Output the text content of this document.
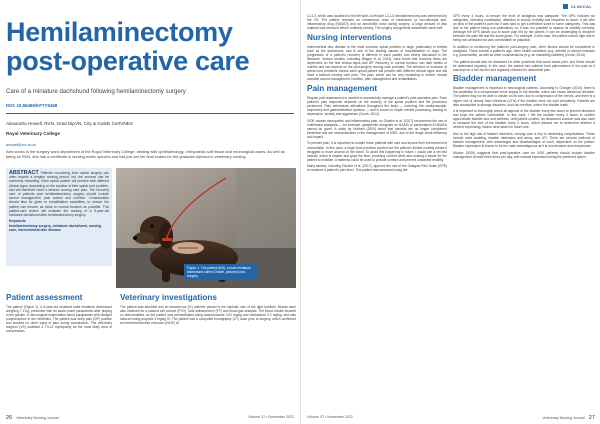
Hemilaminectomy post-operative care

Care of a miniature dachshund following hemilaminectomy surgery

DOI: 10.56496/KFTY5458

Alexandra Howell, RVN, Grad DipVN, City & Guilds CertVNES

Royal Veterinary College

ahowell@rvc.ac.uk

Alex works in the surgery ward department of the Royal Veterinary College, dealing with ophthalmology, orthopaedic soft tissue and neurological cases. As well as being an RVN, she has a certificate in nursing exotic species and has just set her final exams for the graduate diploma in veterinary nursing.

ABSTRACT Patients recovering from spinal surgery can often require a lengthy nursing period, but the process can be extremely rewarding. Each spinal patient will present with different clinical signs, depending on the location of their spinal cord problem, and will therefore need a tailored nursing care plan. The recovery care of patients post hemilaminectomy surgery should include wound management, pain control and nutrition. Consideration should also be given to rehabilitation modalities, to ensure the patient can recover as close to normal function as possible. This patient-care review will evaluate the nursing of a 5-year-old miniature dachshund after hemilaminectomy surgery.
Keywords
hemilaminectomy surgery, miniature dachshund, nursing care, intervertebral disc disease
Figure 1. The patient (left), a male miniature dachshund called Charlie, pictured post-surgery
Patient assessment

The patient (Figure 1), a 5-year-old neutered male miniature dachshund weighing 7.2 kg, presented with an acute-onset paraparesis after playing in the garden. A neurological examination found paraparesis with delayed proprioception in the hindlimbs. The patient was deep pain (DP) positive and showed no other signs of pain during examination. The veterinary surgeon (VS) localised a T3-L3 myelopathy as the most likely area of compression.

Veterinary investigations

The patient was admitted and an intravenous (IV) catheter placed in the cephalic vein of the right forelimb. Bloods were also obtained for a packed cell volume (PCV), total solids/protein (TP) and blood gas analysis. The blood results showed no abnormalities, so the patient was premedicated using acepromazine 0.02 mg/kg and methadone 0.2 mg/kg, and was induced using propofol 4 mg/kg IV. The patient had a computed tomography (CT) scan prior to surgery, which confirmed an intervertebral disc extrusion (IVDE) at

26 Veterinary Nursing Journal	Volume 37 • November 2022
CLINICAL

L2–L3, which was localised to the left side. A left-side L2–L3 hemilaminectomy was performed by the VS. The patient received an intravenous dose of meloxicam (a non-steroidal anti-inflammatory drug (NSAID)) and an amoxicillin dose during surgery. A large amount of disc material was removed before routinely closing. The surgery and general anaesthetic went well.

Nursing interventions

Intervertebral disc disease is the most common spinal problem in dogs, particularly in breeds such as the dachshund, and is one of the leading causes of hospitalisation in dogs. The progression of a patient's recovery is different in each patient and widely discussed in the literature. Various studies, including (Bagon et al, 2014), have found that recovery times are dependent on the first clinical signs and DP. Recovery to normal function can take weeks to months and can depend on the post-surgery nursing care provided. The selection or inclusion of spinal cord problems means each spinal patient will present with different clinical signs and will need a tailored nursing care plan. The plan, which can be very rewarding to deliver, should consider wound management, nutrition, pain management and rehabilitation.

Pain management

Regular pain assessment is needed to successfully manage a patient's post-operative pain. Each patient's pain response depends on the severity of the spinal problem and the procedure performed. Pain determines alterations throughout the body — including the cardiovascular, respiratory and gastrointestinal systems — and is known to impair mental processing, leading to depression, anxiety and aggression (Crook, 2014).

IVDE causes neuropathic and inflammatory pain, so Giudice et al. (2017) recommend the use of multimodal analgesia — for example, gabapentin alongside an NSAID or paracetamol if NSAIDs cannot be given. A study by Hurlbert (2000) found that steroids are no longer considered beneficial and are contraindicated in the management of IVDE, due to the drugs' weak efficiency and impact.

To prevent pain, it is important to handle these patients with care and ensure their environment is comfortable. In this case, a large bowl provided comfort but the patient's limited mobility meant it struggled to move around on the duvet. To avoid this happening in future, I would use a vet bed instead, which is smaller and grips the floor, providing comfort while also making it easier for the patient to mobilise. A mattress could be used to provide comfort and prevent unwanted mobility.

Many studies, including Giudice et al. (2017), approve the use of the Glasgow Pain Scale (GPS) to measure a patient's pain level. This patient was assessed using the

GPS every 4 hours, to ensure the level of analgesia was adequate. The GPS includes six categories, including vocalisation, attention to wound, mobility and response to touch. It did offer an idea of the patient's pain but it was hard to get a definitive score in some categories. This was due to the patient being non-ambulatory, so it was not possible to assess its mobility correctly. Although the GPS allows you to score pain felt by the patient, it can be challenging to decipher between the pain felt and the score given. For example, in this case, the patient scored high due to being non-ambulant but was comfortable on palpation.

In addition to monitoring the patient's post-surgery pain, other factors should be considered in analgesia. These include a patient's age, other health conditions (e.g. arthritis or chronic illnesses e.g. pancreatitis), as well as other considerations (e.g. an indwelling catheter) (Crook, 2014).

The patient should also be assessed for other problems that could cause pain, and these should be addressed regularly. In this case, the patient had suffered from pain/reaction in the past so it was kept on a low-fat diet and regularly checked for abdominal pain.

Bladder management

Bladder management is important in neurological patients. According to Granger (2010), there is the possibility of a compressed nerve supply to the bladder, which can cause abnormal urination. The patient may not be able to urinate on its own, due to compression of the nerves, and there is a higher risk of urinary tract infections (UTIs) if the bladder does not void completely. Patients are also susceptible to storage disorders, such as overflow, where the bladder leaks.

It is important to thoroughly check all aspects of the bladder every few hours to prevent disorders and keep the patient comfortable. In this case, I felt the bladder every 4 hours to confirm approximate bladder size and softness, until patient comfort. An ultrasound scanner was also used to measure the size of the bladder every 4 hours, which allowed me to determine whether it needed expressing. Nodes were taken for future use.

Due to the high risk of bladder disorders, nursing care is key to minimising complications. These include urine scalding, bladder distension and atony, and UTI. There are several methods of bladder management, with advantages and disadvantages of each, dependent on the patient. Bladder expression is known to be the main advantageous as it is non-invasive and inexpensive.

Nikolaz (2000) suggests that post-operative care for IVDE patients should include bladder management at least three times per day, with manual expression being the preferred option.

Volume 37 • November 2022	Veterinary Nursing Journal 27
